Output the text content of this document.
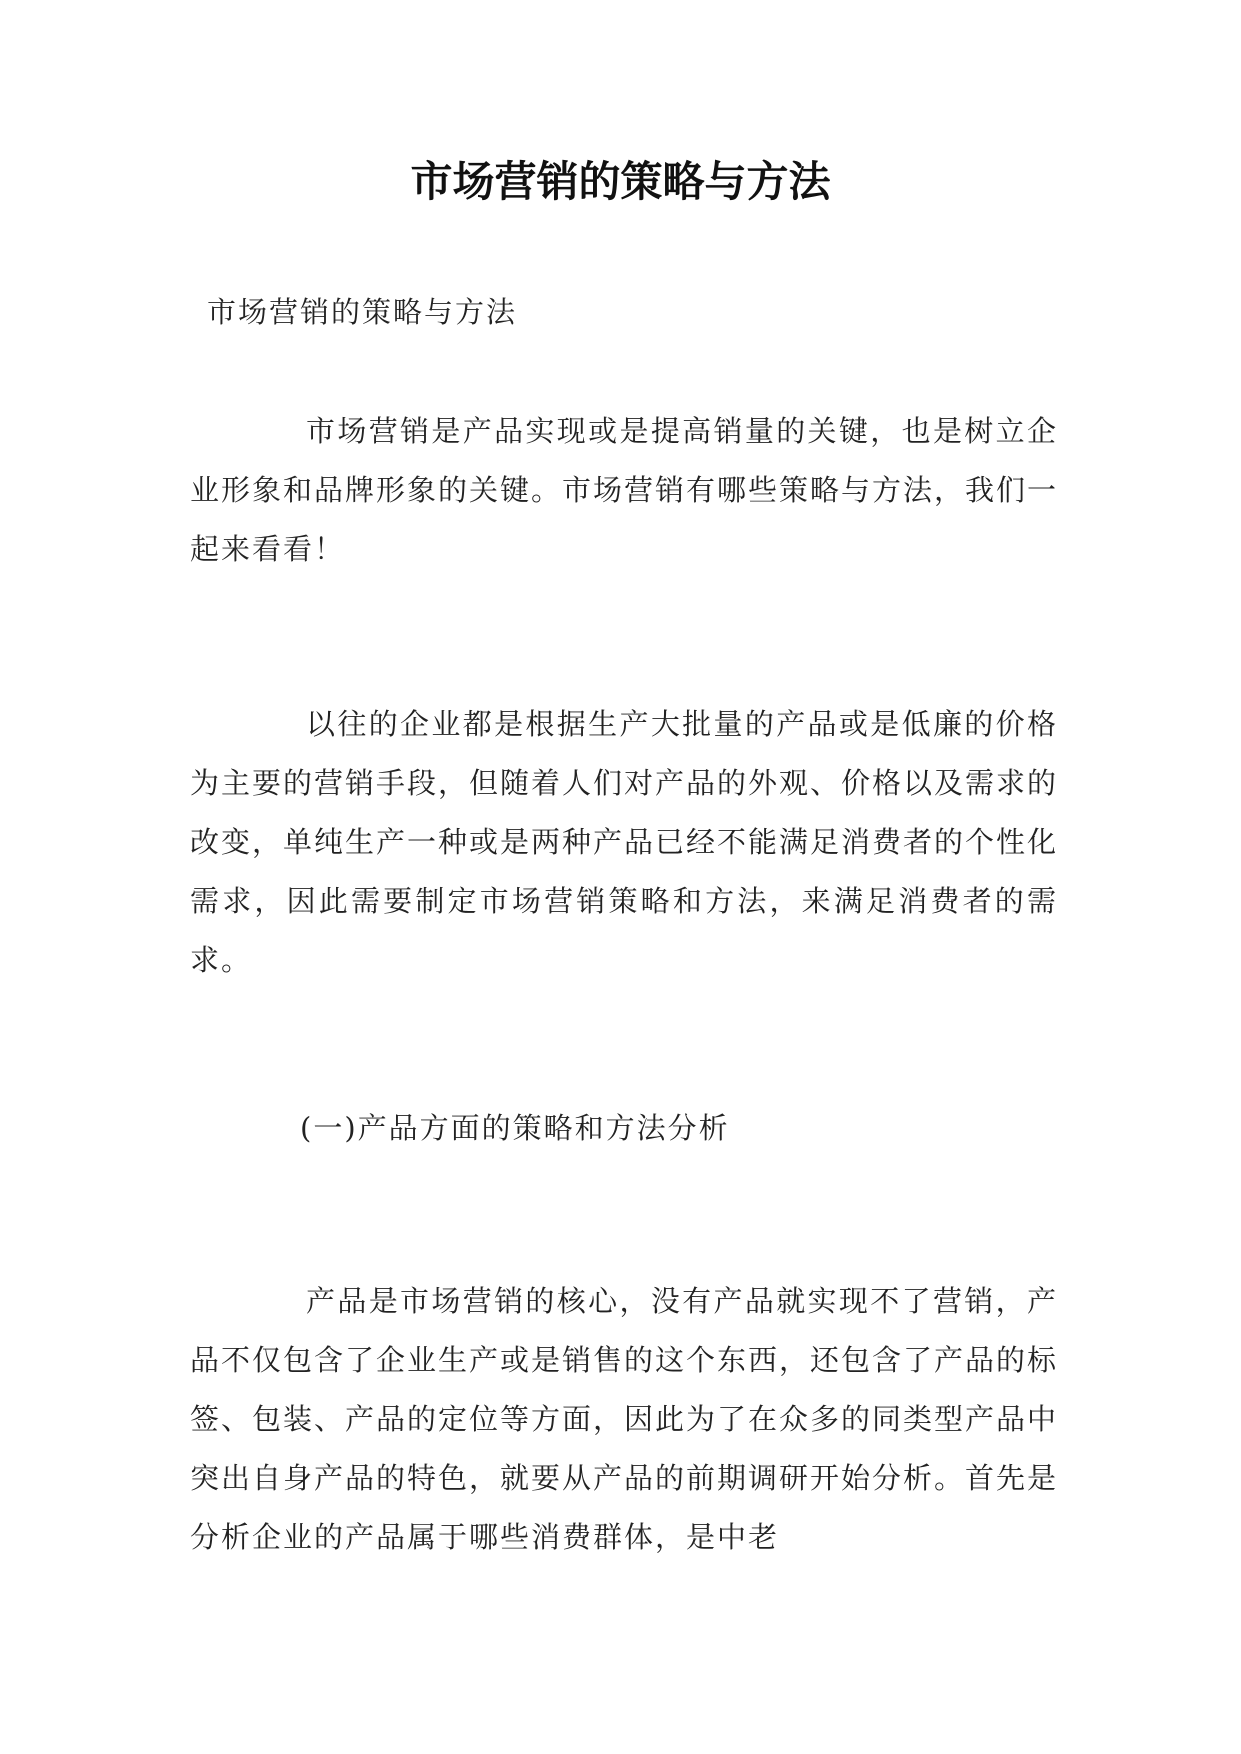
市场营销的策略与方法
市场营销的策略与方法

市场营销是产品实现或是提高销量的关键，也是树立企业形象和品牌形象的关键。市场营销有哪些策略与方法，我们一起来看看！

以往的企业都是根据生产大批量的产品或是低廉的价格为主要的营销手段，但随着人们对产品的外观、价格以及需求的改变，单纯生产一种或是两种产品已经不能满足消费者的个性化需求，因此需要制定市场营销策略和方法，来满足消费者的需求。

(一)产品方面的策略和方法分析

产品是市场营销的核心，没有产品就实现不了营销，产品不仅包含了企业生产或是销售的这个东西，还包含了产品的标签、包装、产品的定位等方面，因此为了在众多的同类型产品中突出自身产品的特色，就要从产品的前期调研开始分析。首先是分析企业的产品属于哪些消费群体，是中老
